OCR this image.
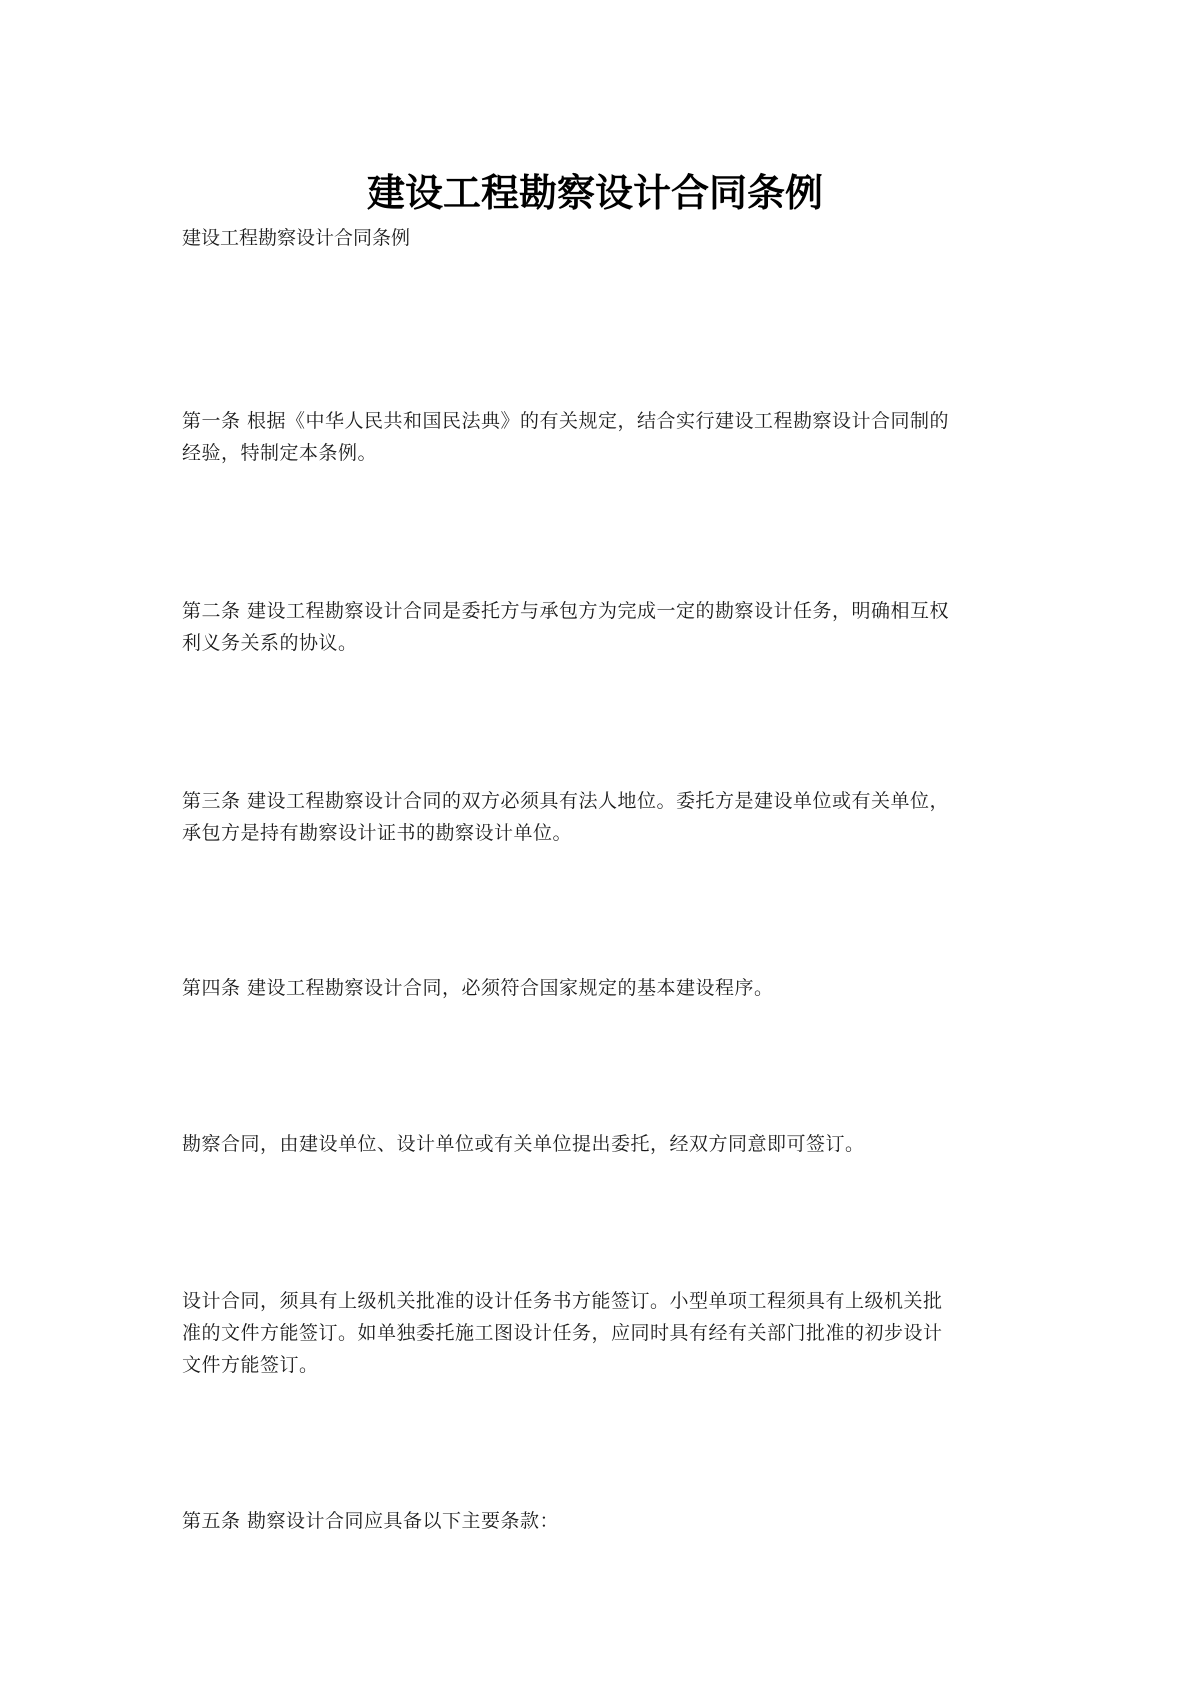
建设工程勘察设计合同条例
建设工程勘察设计合同条例
第一条 根据《中华人民共和国民法典》的有关规定，结合实行建设工程勘察设计合同制的
经验，特制定本条例。
第二条 建设工程勘察设计合同是委托方与承包方为完成一定的勘察设计任务，明确相互权
利义务关系的协议。
第三条 建设工程勘察设计合同的双方必须具有法人地位。委托方是建设单位或有关单位，
承包方是持有勘察设计证书的勘察设计单位。
第四条 建设工程勘察设计合同，必须符合国家规定的基本建设程序。
勘察合同，由建设单位、设计单位或有关单位提出委托，经双方同意即可签订。
设计合同，须具有上级机关批准的设计任务书方能签订。小型单项工程须具有上级机关批
准的文件方能签订。如单独委托施工图设计任务，应同时具有经有关部门批准的初步设计
文件方能签订。
第五条 勘察设计合同应具备以下主要条款：
